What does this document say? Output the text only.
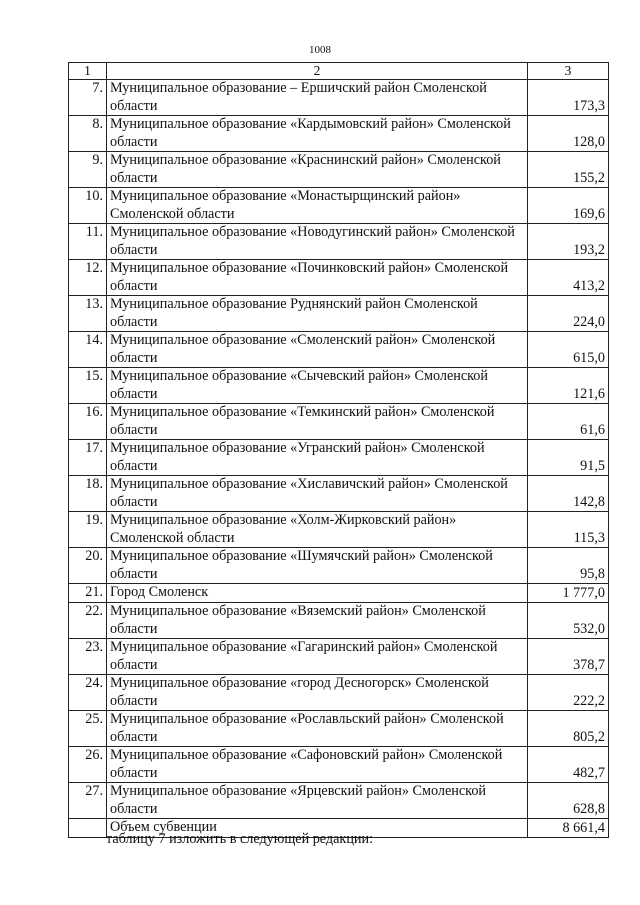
1008
1	2	3
7.	Муниципальное образование – Ершичский район Смоленской области	173,3
8.	Муниципальное образование «Кардымовский район» Смоленской области	128,0
9.	Муниципальное образование «Краснинский район» Смоленской области	155,2
10.	Муниципальное образование «Монастырщинский район» Смоленской области	169,6
11.	Муниципальное образование «Новодугинский район» Смоленской области	193,2
12.	Муниципальное образование «Починковский район» Смоленской области	413,2
13.	Муниципальное образование Руднянский район Смоленской области	224,0
14.	Муниципальное образование «Смоленский район» Смоленской области	615,0
15.	Муниципальное образование «Сычевский район» Смоленской области	121,6
16.	Муниципальное образование «Темкинский район» Смоленской области	61,6
17.	Муниципальное образование «Угранский район» Смоленской области	91,5
18.	Муниципальное образование «Хиславичский район» Смоленской области	142,8
19.	Муниципальное образование «Холм-Жирковский район» Смоленской области	115,3
20.	Муниципальное образование «Шумячский район» Смоленской области	95,8
21.	Город Смоленск	1 777,0
22.	Муниципальное образование «Вяземский район» Смоленской области	532,0
23.	Муниципальное образование «Гагаринский район» Смоленской области	378,7
24.	Муниципальное образование «город Десногорск» Смоленской области	222,2
25.	Муниципальное образование «Рославльский район» Смоленской области	805,2
26.	Муниципальное образование «Сафоновский район» Смоленской области	482,7
27.	Муниципальное образование «Ярцевский район» Смоленской области	628,8
	Объем субвенции	8 661,4
таблицу 7 изложить в следующей редакции:
